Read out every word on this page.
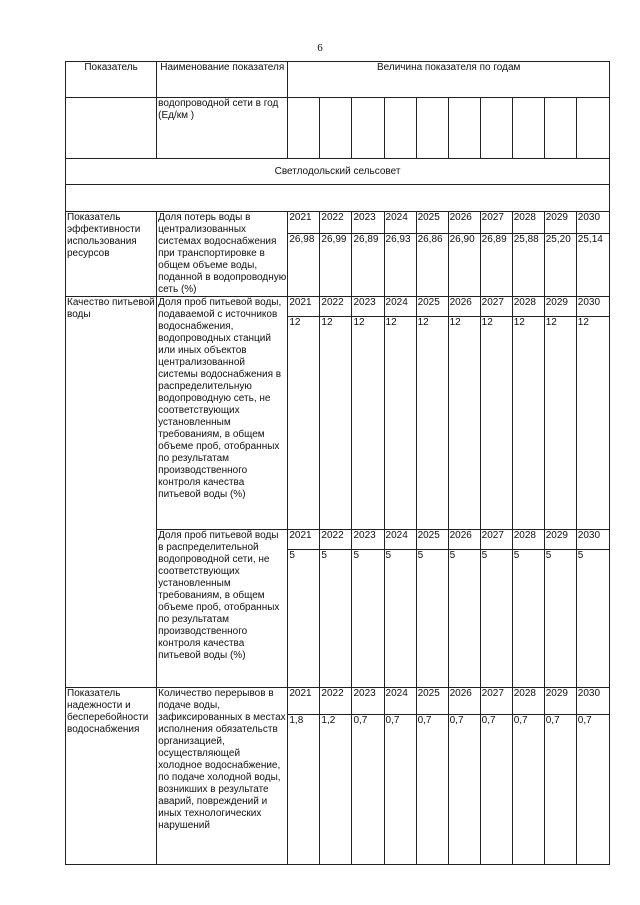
6
Показатель	Наименование показателя	Величина показателя по годам									
	водопроводной сети в год (Ед/км )										
Светлодольский сельсовет											

Показатель эффективности использования ресурсов	Доля потерь воды в централизованных системах водоснабжения при транспортировке в общем объеме воды, поданной в водопроводную сеть (%)	2021	2022	2023	2024	2025	2026	2027	2028	2029	2030
		26,98	26,99	26,89	26,93	26,86	26,90	26,89	25,88	25,20	25,14
Качество питьевой воды	Доля проб питьевой воды, подаваемой с источников водоснабжения, водопроводных станций или иных объектов централизованной системы водоснабжения в распределительную водопроводную сеть, не соответствующих установленным требованиям, в общем объеме проб, отобранных по результатам производственного контроля качества питьевой воды (%)	2021	2022	2023	2024	2025	2026	2027	2028	2029	2030
		12	12	12	12	12	12	12	12	12	12
	Доля проб питьевой воды в распределительной водопроводной сети, не соответствующих установленным требованиям, в общем объеме проб, отобранных по результатам производственного контроля качества питьевой воды (%)	2021	2022	2023	2024	2025	2026	2027	2028	2029	2030
		5	5	5	5	5	5	5	5	5	5
Показатель надежности и бесперебойности водоснабжения	Количество перерывов в подаче воды, зафиксированных в местах исполнения обязательств организацией, осуществляющей холодное водоснабжение, по подаче холодной воды, возникших в результате аварий, повреждений и иных технологических нарушений	2021	2022	2023	2024	2025	2026	2027	2028	2029	2030
		1,8	1,2	0,7	0,7	0,7	0,7	0,7	0,7	0,7	0,7
